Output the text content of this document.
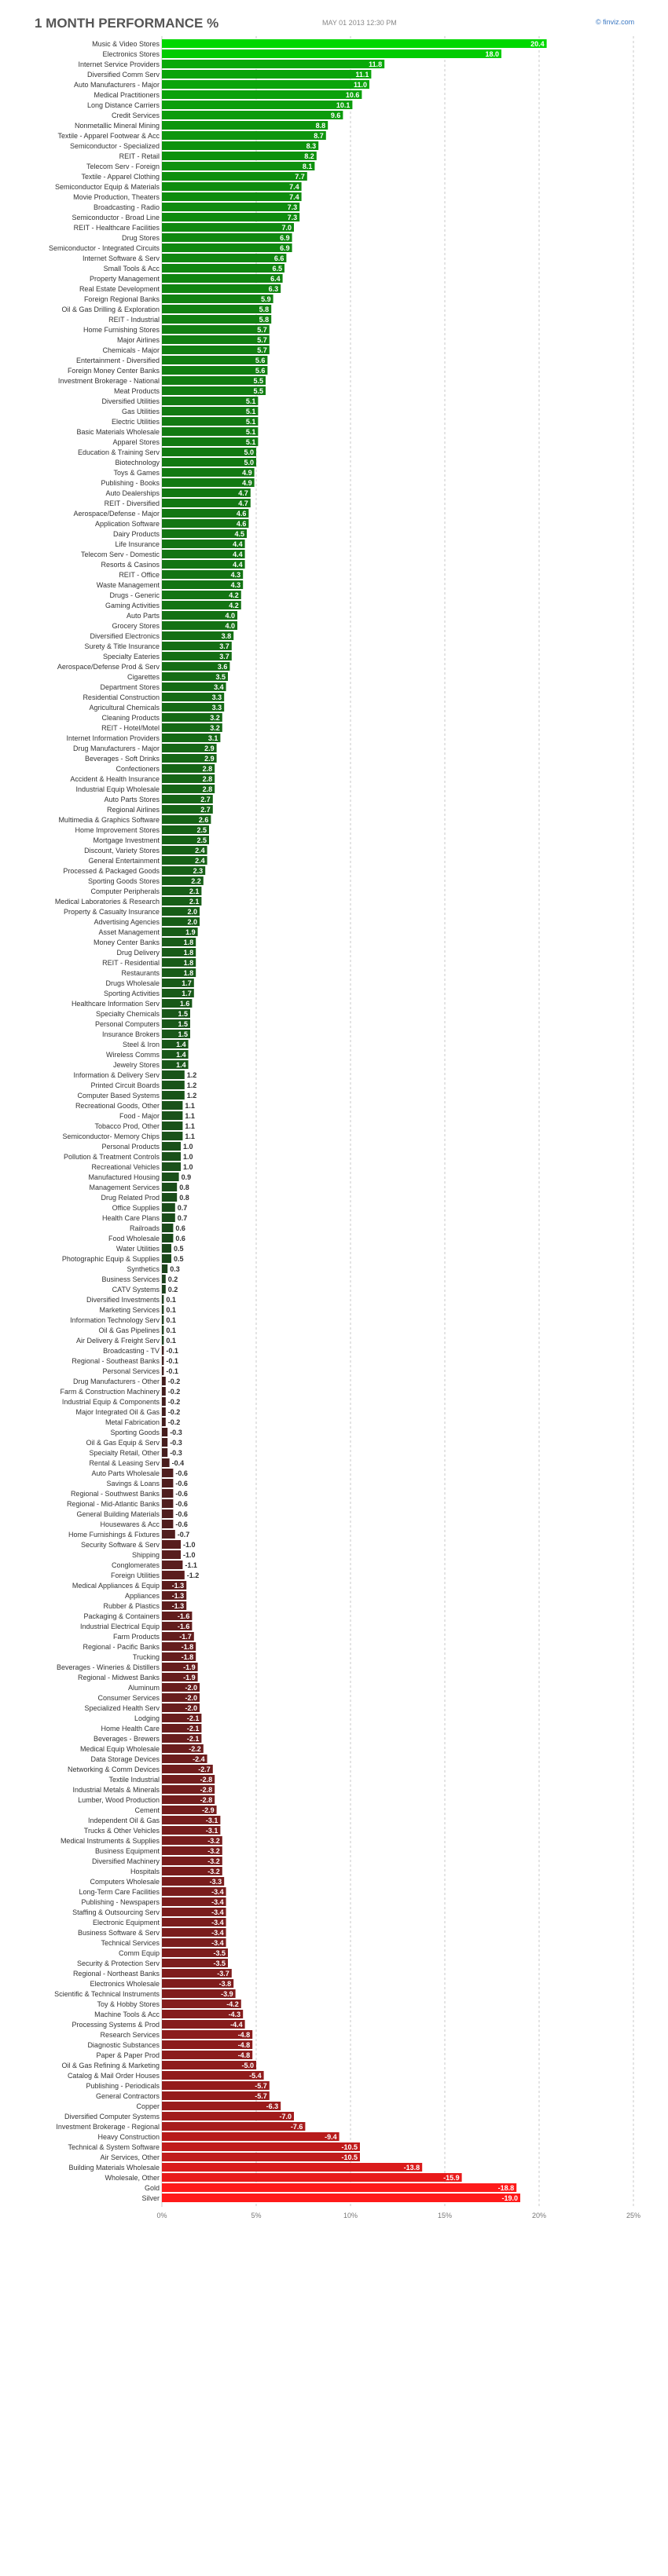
1 MONTH PERFORMANCE %	MAY 01 2013 12:30 PM	© finviz.com
0%	5%	10%	15%	20%	25%
Music & Video Stores	20.4
Electronics Stores	18.0
Internet Service Providers	11.8
Diversified Comm Serv	11.1
Auto Manufacturers - Major	11.0
Medical Practitioners	10.6
Long Distance Carriers	10.1
Credit Services	9.6
Nonmetallic Mineral Mining	8.8
Textile - Apparel Footwear & Acc	8.7
Semiconductor - Specialized	8.3
REIT - Retail	8.2
Telecom Serv - Foreign	8.1
Textile - Apparel Clothing	7.7
Semiconductor Equip & Materials	7.4
Movie Production, Theaters	7.4
Broadcasting - Radio	7.3
Semiconductor - Broad Line	7.3
REIT - Healthcare Facilities	7.0
Drug Stores	6.9
Semiconductor - Integrated Circuits	6.9
Internet Software & Serv	6.6
Small Tools & Acc	6.5
Property Management	6.4
Real Estate Development	6.3
Foreign Regional Banks	5.9
Oil & Gas Drilling & Exploration	5.8
REIT - Industrial	5.8
Home Furnishing Stores	5.7
Major Airlines	5.7
Chemicals - Major	5.7
Entertainment - Diversified	5.6
Foreign Money Center Banks	5.6
Investment Brokerage - National	5.5
Meat Products	5.5
Diversified Utilities	5.1
Gas Utilities	5.1
Electric Utilities	5.1
Basic Materials Wholesale	5.1
Apparel Stores	5.1
Education & Training Serv	5.0
Biotechnology	5.0
Toys & Games	4.9
Publishing - Books	4.9
Auto Dealerships	4.7
REIT - Diversified	4.7
Aerospace/Defense - Major	4.6
Application Software	4.6
Dairy Products	4.5
Life Insurance	4.4
Telecom Serv - Domestic	4.4
Resorts & Casinos	4.4
REIT - Office	4.3
Waste Management	4.3
Drugs - Generic	4.2
Gaming Activities	4.2
Auto Parts	4.0
Grocery Stores	4.0
Diversified Electronics	3.8
Surety & Title Insurance	3.7
Specialty Eateries	3.7
Aerospace/Defense Prod & Serv	3.6
Cigarettes	3.5
Department Stores	3.4
Residential Construction	3.3
Agricultural Chemicals	3.3
Cleaning Products	3.2
REIT - Hotel/Motel	3.2
Internet Information Providers	3.1
Drug Manufacturers - Major	2.9
Beverages - Soft Drinks	2.9
Confectioners	2.8
Accident & Health Insurance	2.8
Industrial Equip Wholesale	2.8
Auto Parts Stores	2.7
Regional Airlines	2.7
Multimedia & Graphics Software	2.6
Home Improvement Stores	2.5
Mortgage Investment	2.5
Discount, Variety Stores	2.4
General Entertainment	2.4
Processed & Packaged Goods	2.3
Sporting Goods Stores	2.2
Computer Peripherals	2.1
Medical Laboratories & Research	2.1
Property & Casualty Insurance	2.0
Advertising Agencies	2.0
Asset Management	1.9
Money Center Banks	1.8
Drug Delivery	1.8
REIT - Residential	1.8
Restaurants	1.8
Drugs Wholesale	1.7
Sporting Activities	1.7
Healthcare Information Serv	1.6
Specialty Chemicals	1.5
Personal Computers	1.5
Insurance Brokers	1.5
Steel & Iron 1.4
Wireless Comms 1.4
Jewelry Stores 1.4
Information & Delivery Serv	1.2
Printed Circuit Boards	1.2
Computer Based Systems	1.2
Recreational Goods, Other	1.1
Food - Major	1.1
Tobacco Prod, Other	1.1
Semiconductor- Memory Chips	1.1
Personal Products	1.0
Pollution & Treatment Controls	1.0
Recreational Vehicles	1.0
Manufactured Housing	0.9
Management Services	0.8
Drug Related Prod	0.8
Office Supplies	0.7
Health Care Plans	0.7
Railroads 0.6
Food Wholesale 0.6
Water Utilities 0.5
Photographic Equip & Supplies 0.5
Synthetics 0.3
Business Services 0.2
CATV Systems 0.2
Diversified Investments 0.1
Marketing Services 0.1
Information Technology Serv 0.1
Oil & Gas Pipelines 0.1
Air Delivery & Freight Serv 0.1
Broadcasting - TV -0.1
Regional - Southeast Banks -0.1
Personal Services -0.1
Drug Manufacturers - Other -0.2
Farm & Construction Machinery -0.2
Industrial Equip & Components -0.2
Major Integrated Oil & Gas -0.2
Metal Fabrication -0.2
Sporting Goods -0.3
Oil & Gas Equip & Serv -0.3
Specialty Retail, Other -0.3
Rental & Leasing Serv -0.4
Auto Parts Wholesale -0.6
Savings & Loans -0.6
Regional - Southwest Banks -0.6
Regional - Mid-Atlantic Banks -0.6
General Building Materials -0.6
Housewares & Acc -0.6
Home Furnishings & Fixtures	-0.7
Security Software & Serv	-1.0
Shipping	-1.0
Conglomerates	-1.1
Foreign Utilities	-1.2
Medical Appliances & Equip -1.3
Appliances -1.3
Rubber & Plastics -1.3
Packaging & Containers	-1.6
Industrial Electrical Equip	-1.6
Farm Products	-1.7
Regional - Pacific Banks	-1.8
Trucking	-1.8
Beverages - Wineries & Distillers	-1.9
Regional - Midwest Banks	-1.9
Aluminum	-2.0
Consumer Services	-2.0
Specialized Health Serv	-2.0
Lodging	-2.1
Home Health Care	-2.1
Beverages - Brewers	-2.1
Medical Equip Wholesale	-2.2
Data Storage Devices	-2.4
Networking & Comm Devices	-2.7
Textile Industrial	-2.8
Industrial Metals & Minerals	-2.8
Lumber, Wood Production	-2.8
Cement	-2.9
Independent Oil & Gas	-3.1
Trucks & Other Vehicles	-3.1
Medical Instruments & Supplies	-3.2
Business Equipment	-3.2
Diversified Machinery	-3.2
Hospitals	-3.2
Computers Wholesale	-3.3
Long-Term Care Facilities	-3.4
Publishing - Newspapers	-3.4
Staffing & Outsourcing Serv	-3.4
Electronic Equipment	-3.4
Business Software & Serv	-3.4
Technical Services	-3.4
Comm Equip	-3.5
Security & Protection Serv	-3.5
Regional - Northeast Banks	-3.7
Electronics Wholesale	-3.8
Scientific & Technical Instruments	-3.9
Toy & Hobby Stores	-4.2
Machine Tools & Acc	-4.3
Processing Systems & Prod	-4.4
Research Services	-4.8
Diagnostic Substances	-4.8
Paper & Paper Prod	-4.8
Oil & Gas Refining & Marketing	-5.0
Catalog & Mail Order Houses	-5.4
Publishing - Periodicals	-5.7
General Contractors	-5.7
Copper	-6.3
Diversified Computer Systems	-7.0
Investment Brokerage - Regional	-7.6
Heavy Construction	-9.4
Technical & System Software	-10.5
Air Services, Other	-10.5
Building Materials Wholesale	-13.8
Wholesale, Other	-15.9
Gold	-18.8
Silver	-19.0
